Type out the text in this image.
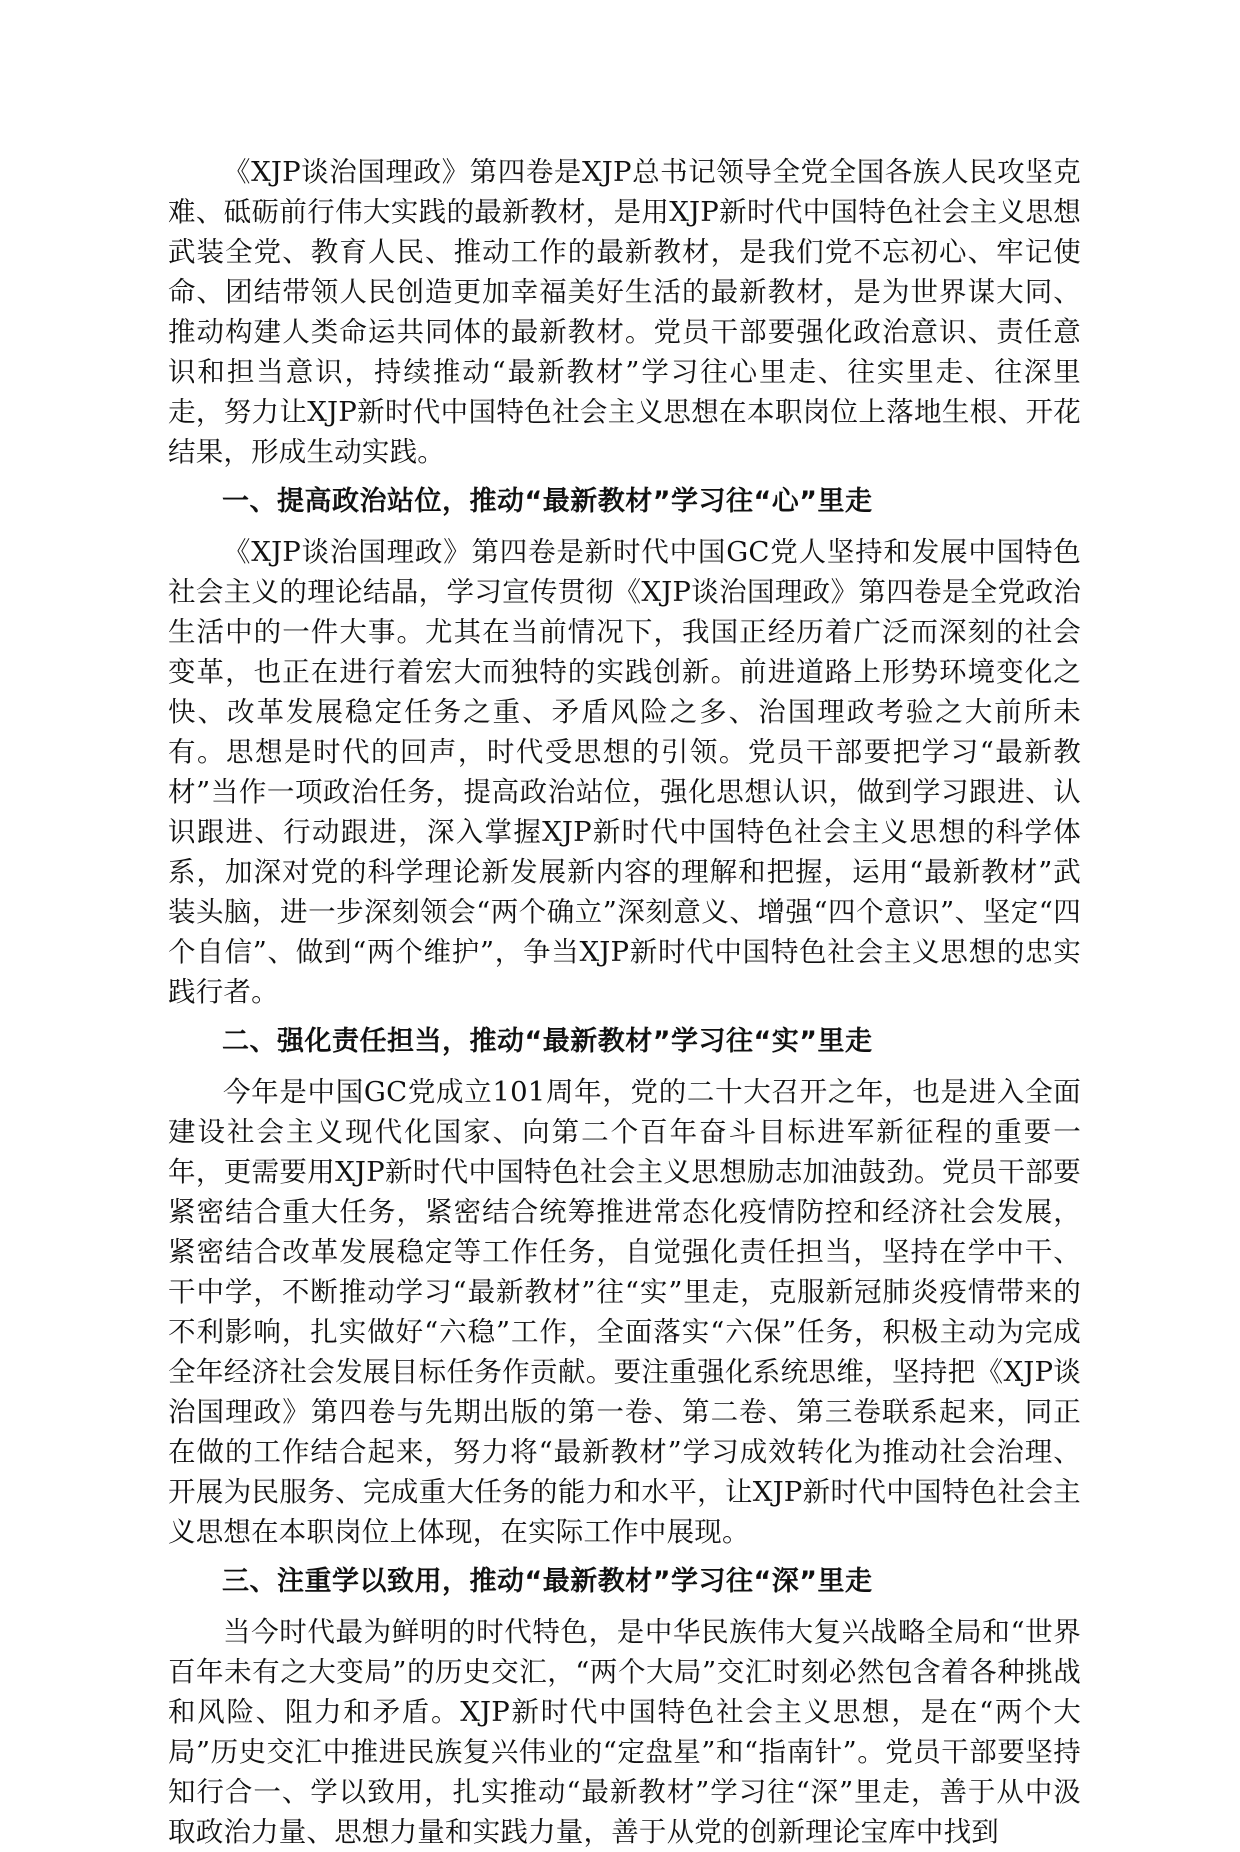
《XJP谈治国理政》第四卷是XJP总书记领导全党全国各族人民攻坚克难、砥砺前行伟大实践的最新教材，是用XJP新时代中国特色社会主义思想武装全党、教育人民、推动工作的最新教材，是我们党不忘初心、牢记使命、团结带领人民创造更加幸福美好生活的最新教材，是为世界谋大同、推动构建人类命运共同体的最新教材。党员干部要强化政治意识、责任意识和担当意识，持续推动“最新教材”学习往心里走、往实里走、往深里走，努力让XJP新时代中国特色社会主义思想在本职岗位上落地生根、开花结果，形成生动实践。

一、提高政治站位，推动“最新教材”学习往“心”里走

《XJP谈治国理政》第四卷是新时代中国GC党人坚持和发展中国特色社会主义的理论结晶，学习宣传贯彻《XJP谈治国理政》第四卷是全党政治生活中的一件大事。尤其在当前情况下，我国正经历着广泛而深刻的社会变革，也正在进行着宏大而独特的实践创新。前进道路上形势环境变化之快、改革发展稳定任务之重、矛盾风险之多、治国理政考验之大前所未有。思想是时代的回声，时代受思想的引领。党员干部要把学习“最新教材”当作一项政治任务，提高政治站位，强化思想认识，做到学习跟进、认识跟进、行动跟进，深入掌握XJP新时代中国特色社会主义思想的科学体系，加深对党的科学理论新发展新内容的理解和把握，运用“最新教材”武装头脑，进一步深刻领会“两个确立”深刻意义、增强“四个意识”、坚定“四个自信”、做到“两个维护”，争当XJP新时代中国特色社会主义思想的忠实践行者。

二、强化责任担当，推动“最新教材”学习往“实”里走

今年是中国GC党成立101周年，党的二十大召开之年，也是进入全面建设社会主义现代化国家、向第二个百年奋斗目标进军新征程的重要一年，更需要用XJP新时代中国特色社会主义思想励志加油鼓劲。党员干部要紧密结合重大任务，紧密结合统筹推进常态化疫情防控和经济社会发展，紧密结合改革发展稳定等工作任务，自觉强化责任担当，坚持在学中干、干中学，不断推动学习“最新教材”往“实”里走，克服新冠肺炎疫情带来的不利影响，扎实做好“六稳”工作，全面落实“六保”任务，积极主动为完成全年经济社会发展目标任务作贡献。要注重强化系统思维，坚持把《XJP谈治国理政》第四卷与先期出版的第一卷、第二卷、第三卷联系起来，同正在做的工作结合起来，努力将“最新教材”学习成效转化为推动社会治理、开展为民服务、完成重大任务的能力和水平，让XJP新时代中国特色社会主义思想在本职岗位上体现，在实际工作中展现。

三、注重学以致用，推动“最新教材”学习往“深”里走

当今时代最为鲜明的时代特色，是中华民族伟大复兴战略全局和“世界百年未有之大变局”的历史交汇，“两个大局”交汇时刻必然包含着各种挑战和风险、阻力和矛盾。XJP新时代中国特色社会主义思想，是在“两个大局”历史交汇中推进民族复兴伟业的“定盘星”和“指南针”。党员干部要坚持知行合一、学以致用，扎实推动“最新教材”学习往“深”里走，善于从中汲取政治力量、思想力量和实践力量，善于从党的创新理论宝库中找到
